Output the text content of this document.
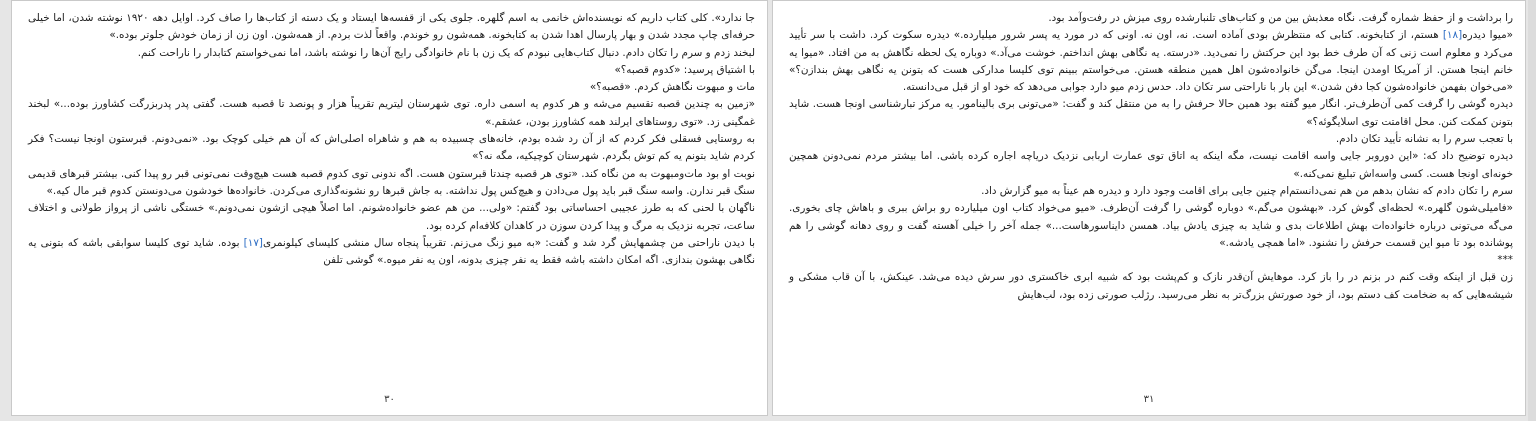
جا ندارد». کلی کتاب داریم که نویسنده‌اش خانمی به اسم گلهره. جلوی یکی از قفسه‌ها ایستاد و یک دسته از کتاب‌ها را صاف کرد. اوایل دهه ۱۹۲۰ نوشته شدن، اما خیلی حرفه‌ای چاپ مجدد شدن و بهار پارسال اهدا شدن به کتابخونه. همه‌شون رو خوندم. واقعاً لذت بردم. از همه‌شون. اون زن از زمان خودش جلوتر بوده.»

لبخند زدم و سرم را تکان دادم. دنبال کتاب‌هایی نبودم که یک زن با نام خانوادگی رایج آن‌ها را نوشته باشد، اما نمی‌خواستم کتابدار را ناراحت کنم.

با اشتیاق پرسید: «کدوم قصبه؟»

مات و مبهوت نگاهش کردم. «قصبه؟»

«زمین به چندین قصبه تقسیم می‌شه و هر کدوم یه اسمی داره. توی شهرستان لیتریم تقریباً هزار و پونصد تا قصبه هست. گفتی پدر پدربزرگت کشاورز بوده...» لبخند غمگینی زد. «توی روستاهای ایرلند همه کشاورز بودن، عشقم.»

به روستایی فسقلی فکر کردم که از آن رد شده بودم، خانه‌های چسبیده به هم و شاهراه اصلی‌اش که آن هم خیلی کوچک بود. «نمی‌دونم. قبرستون اونجا نیست؟ فکر کردم شاید بتونم یه کم توش بگردم. شهرستان کوچیکیه، مگه نه؟»

نوبت او بود مات‌ومبهوت به من نگاه کند. «توی هر قصبه چندتا قبرستون هست. اگه ندونی توی کدوم قصبه هست هیچ‌وقت نمی‌تونی قبر رو پیدا کنی. بیشتر قبرهای قدیمی سنگ قبر ندارن. واسه سنگ قبر باید پول می‌دادن و هیچ‌کس پول نداشته. به جاش قبرها رو نشونه‌گذاری می‌کردن. خانواده‌ها خودشون می‌دونستن کدوم قبر مال کیه.»

ناگهان با لحنی که به طرز عجیبی احساساتی بود گفتم: «ولی... من هم عضو خانواده‌شونم. اما اصلاً هیچی ازشون نمی‌دونم.» خستگی ناشی از پرواز طولانی و اختلاف ساعت، تجربه نزدیک به مرگ و پیدا کردن سوزن در کاهدان کلافه‌ام کرده بود.

با دیدن ناراحتی من چشمهایش گرد شد و گفت: «به میو زنگ می‌زنم. تقریباً پنجاه سال منشی کلیسای کیلونمری[۱۷] بوده. شاید توی کلیسا سوابقی باشه که بتونی یه نگاهی بهشون بندازی. اگه امکان داشته باشه فقط یه نفر چیزی بدونه، اون یه نفر میوه.» گوشی تلفن

۳۰

را برداشت و از حفظ شماره گرفت. نگاه معذبش بین من و کتاب‌های تلنبارشده روی میزش در رفت‌وآمد بود.

«میوا دیدره[۱۸] هستم، از کتابخونه. کتابی که منتظرش بودی آماده است. نه، اون نه. اونی که در مورد یه پسر شرور میلیارده.» دیدره سکوت کرد. داشت با سر تأیید می‌کرد و معلوم است زنی که آن طرف خط بود این حرکتش را نمی‌دید. «درسته. یه نگاهی بهش انداختم. خوشت می‌آد.» دوباره یک لحظه نگاهش به من افتاد. «میوا یه خانم اینجا هستن. از آمریکا اومدن اینجا. می‌گن خانواده‌شون اهل همین منطقه هستن. می‌خواستم ببینم توی کلیسا مدارکی هست که بتونن یه نگاهی بهش بندازن؟» «می‌خوان بفهمن خانواده‌شون کجا دفن شدن.» این بار با ناراحتی سر تکان داد. حدس زدم میو دارد جوابی می‌دهد که خود او از قبل می‌دانسته.

دیدره گوشی را گرفت کمی آن‌طرف‌تر. انگار میو گفته بود همین حالا حرفش را به من منتقل کند و گفت: «می‌تونی بری بالینامور. یه مرکز تبارشناسی اونجا هست. شاید بتونن کمکت کنن. محل اقامتت توی اسلایگوئه؟»

با تعجب سرم را به نشانه تأیید تکان دادم.

دیدره توضیح داد که: «این دوروبر جایی واسه اقامت نیست، مگه اینکه یه اتاق توی عمارت اربابی نزدیک دریاچه اجاره کرده باشی. اما بیشتر مردم نمی‌دونن همچین خونه‌ای اونجا هست. کسی واسه‌اش تبلیغ نمی‌کنه.»

سرم را تکان دادم که نشان بدهم من هم نمی‌دانستم‌ام چنین جایی برای اقامت وجود دارد و دیدره هم عیناً به میو گزارش داد.

«فامیلی‌شون گلهره.» لحظه‌ای گوش کرد. «بهشون می‌گم.» دوباره گوشی را گرفت آن‌طرف. «میو می‌خواد کتاب اون میلیارده رو براش ببری و باهاش چای بخوری. می‌گه می‌تونی درباره خانواده‌ات بهش اطلاعات بدی و شاید به چیزی یادش بیاد. همسن دایناسورهاست...» جمله آخر را خیلی آهسته گفت و روی دهانه گوشی را هم پوشانده بود تا میو این قسمت حرفش را نشنود. «اما همچی یادشه.»

***

زن قبل از اینکه وقت کنم در بزنم در را باز کرد. موهایش آن‌قدر نازک و کم‌پشت بود که شبیه ابری خاکستری دور سرش دیده می‌شد. عینکش، با آن قاب مشکی و شیشه‌هایی که به ضخامت کف دستم بود، از خود صورتش بزرگ‌تر به نظر می‌رسید. رژلب صورتی زده بود، لب‌هایش

۳۱
